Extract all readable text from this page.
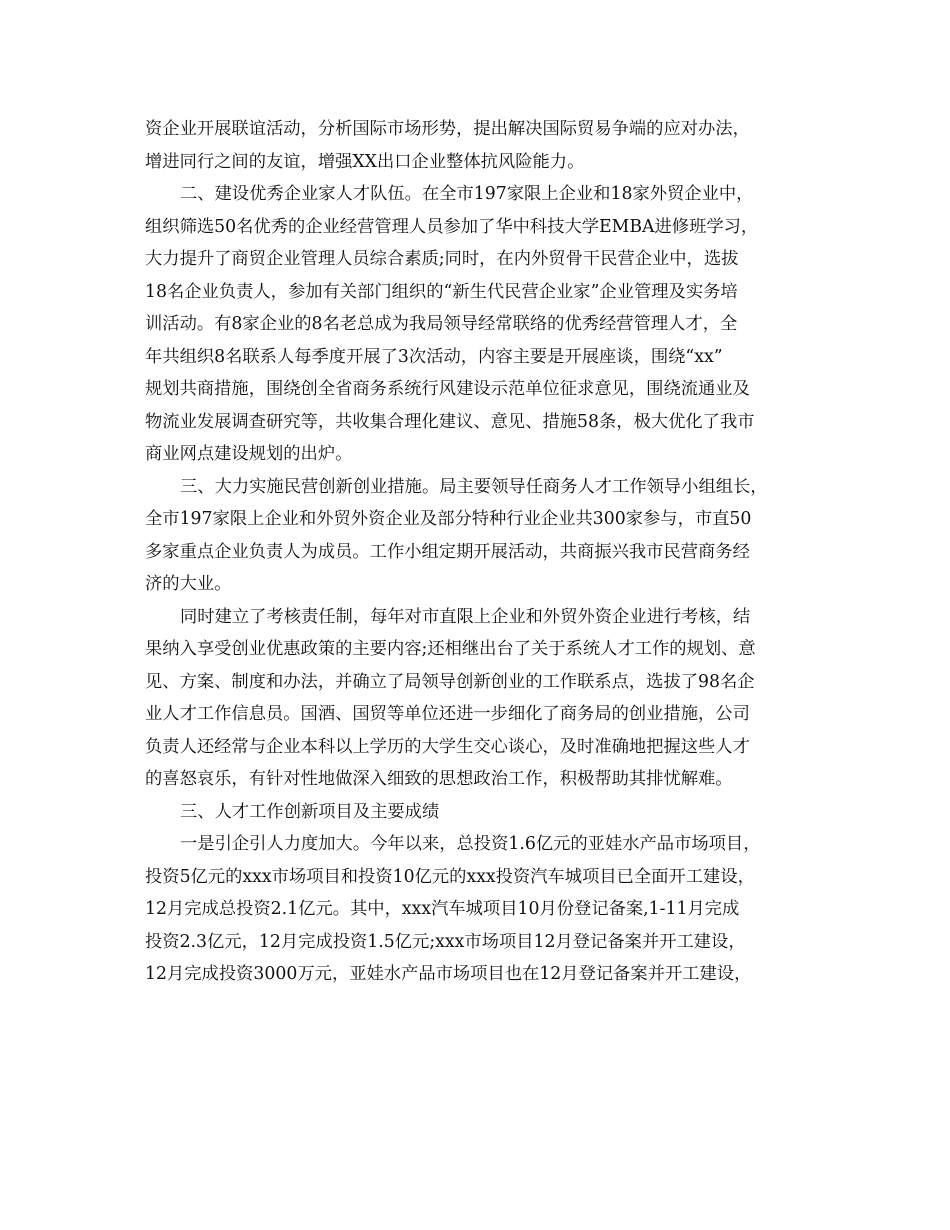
资企业开展联谊活动，分析国际市场形势，提出解决国际贸易争端的应对办法，
增进同行之间的友谊，增强XX出口企业整体抗风险能力。
二、建设优秀企业家人才队伍。在全市197家限上企业和18家外贸企业中，
组织筛选50名优秀的企业经营管理人员参加了华中科技大学EMBA进修班学习，
大力提升了商贸企业管理人员综合素质;同时，在内外贸骨干民营企业中，选拔
18名企业负责人，参加有关部门组织的“新生代民营企业家”企业管理及实务培
训活动。有8家企业的8名老总成为我局领导经常联络的优秀经营管理人才，全
年共组织8名联系人每季度开展了3次活动，内容主要是开展座谈，围绕“xx”
规划共商措施，围绕创全省商务系统行风建设示范单位征求意见，围绕流通业及
物流业发展调查研究等，共收集合理化建议、意见、措施58条，极大优化了我市
商业网点建设规划的出炉。
三、大力实施民营创新创业措施。局主要领导任商务人才工作领导小组组长，
全市197家限上企业和外贸外资企业及部分特种行业企业共300家参与，市直50
多家重点企业负责人为成员。工作小组定期开展活动，共商振兴我市民营商务经
济的大业。
同时建立了考核责任制，每年对市直限上企业和外贸外资企业进行考核，结
果纳入享受创业优惠政策的主要内容;还相继出台了关于系统人才工作的规划、意
见、方案、制度和办法，并确立了局领导创新创业的工作联系点，选拔了98名企
业人才工作信息员。国酒、国贸等单位还进一步细化了商务局的创业措施，公司
负责人还经常与企业本科以上学历的大学生交心谈心，及时准确地把握这些人才
的喜怒哀乐，有针对性地做深入细致的思想政治工作，积极帮助其排忧解难。
三、人才工作创新项目及主要成绩
一是引企引人力度加大。今年以来，总投资1.6亿元的亚娃水产品市场项目，
投资5亿元的xxx市场项目和投资10亿元的xxx投资汽车城项目已全面开工建设，
12月完成总投资2.1亿元。其中，xxx汽车城项目10月份登记备案,1-11月完成
投资2.3亿元，12月完成投资1.5亿元;xxx市场项目12月登记备案并开工建设，
12月完成投资3000万元，亚娃水产品市场项目也在12月登记备案并开工建设，
